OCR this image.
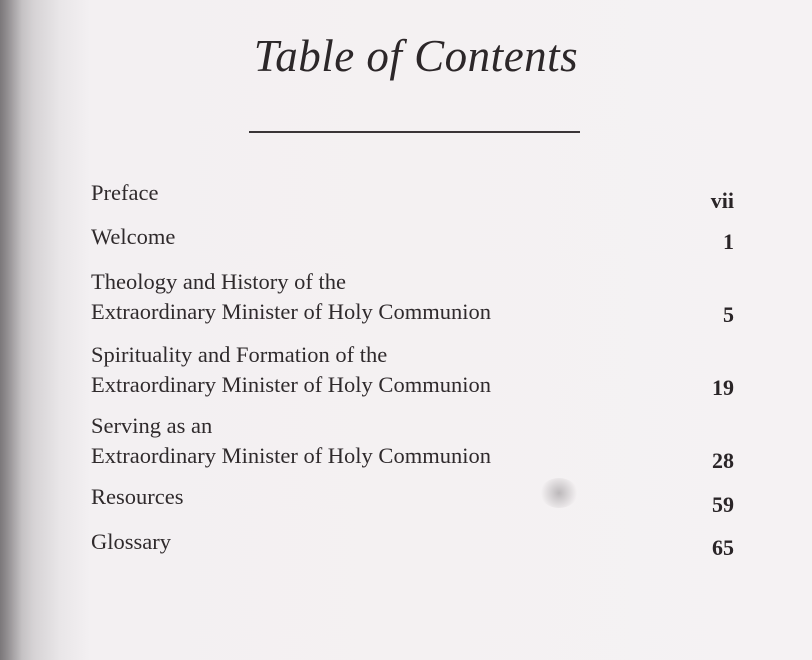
Table of Contents
Preface	vii
Welcome	1
Theology and History of the
Extraordinary Minister of Holy Communion	5
Spirituality and Formation of the
Extraordinary Minister of Holy Communion	19
Serving as an
Extraordinary Minister of Holy Communion	28
Resources	59
Glossary	65
